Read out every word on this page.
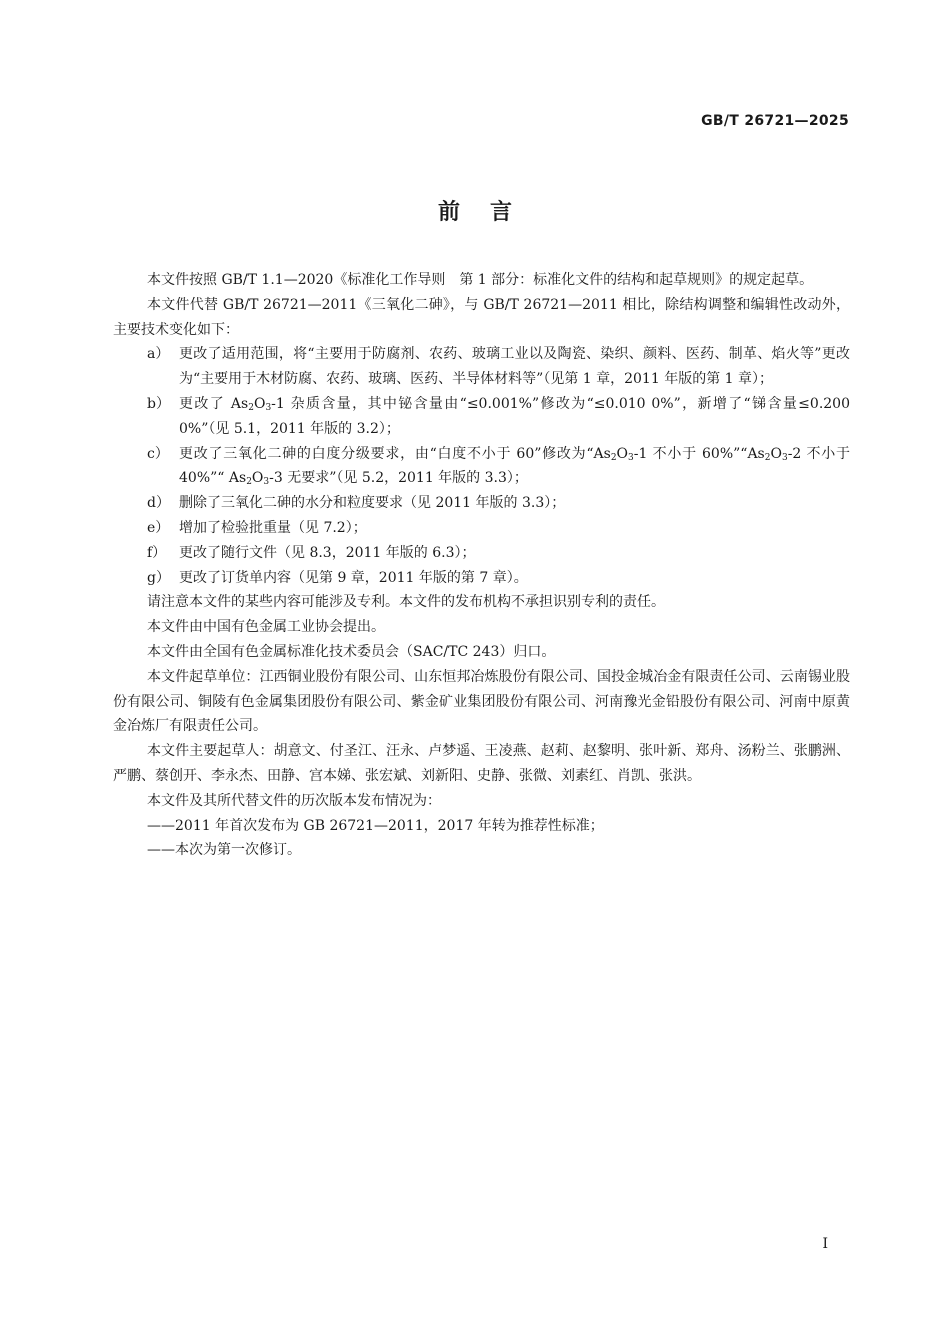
GB/T 26721—2025
前言

本文件按照 GB/T 1.1—2020《标准化工作导则　第 1 部分：标准化文件的结构和起草规则》的规定起草。

本文件代替 GB/T 26721—2011《三氧化二砷》，与 GB/T 26721—2011 相比，除结构调整和编辑性改动外，主要技术变化如下：

a） 更改了适用范围，将“主要用于防腐剂、农药、玻璃工业以及陶瓷、染织、颜料、医药、制革、焰火等”更改为“主要用于木材防腐、农药、玻璃、医药、半导体材料等”（见第 1 章，2011 年版的第 1 章）；

b） 更改了 $As_2O_3-1$ 杂质含量，其中铋含量由“≤0.001%”修改为“≤0.010 0%”，新增了“锑含量≤0.200 0%”（见 5.1，2011 年版的 3.2）；

c） 更改了三氧化二砷的白度分级要求，由“白度不小于 60”修改为“$As_2O_3-1$ 不小于 $60\%”“As_2O_3-2$ 不小于 40%”“ $As_2O_3-3$ 无要求”（见 5.2，2011 年版的 3.3）；

d） 删除了三氧化二砷的水分和粒度要求（见 2011 年版的 3.3）；

e） 增加了检验批重量（见 7.2）；

f） 更改了随行文件（见 8.3，2011 年版的 6.3）；

g） 更改了订货单内容（见第 9 章，2011 年版的第 7 章）。

请注意本文件的某些内容可能涉及专利。本文件的发布机构不承担识别专利的责任。

本文件由中国有色金属工业协会提出。

本文件由全国有色金属标准化技术委员会（SAC/TC 243）归口。

本文件起草单位：江西铜业股份有限公司、山东恒邦冶炼股份有限公司、国投金城冶金有限责任公司、云南锡业股份有限公司、铜陵有色金属集团股份有限公司、紫金矿业集团股份有限公司、河南豫光金铅股份有限公司、河南中原黄金冶炼厂有限责任公司。

本文件主要起草人：胡意文、付圣江、汪永、卢梦遥、王凌燕、赵莉、赵黎明、张叶新、郑舟、汤粉兰、张鹏洲、严鹏、蔡创开、李永杰、田静、宫本娣、张宏斌、刘新阳、史静、张微、刘素红、肖凯、张洪。

本文件及其所代替文件的历次版本发布情况为：

——2011 年首次发布为 GB 26721—2011，2017 年转为推荐性标准；

——本次为第一次修订。

I
